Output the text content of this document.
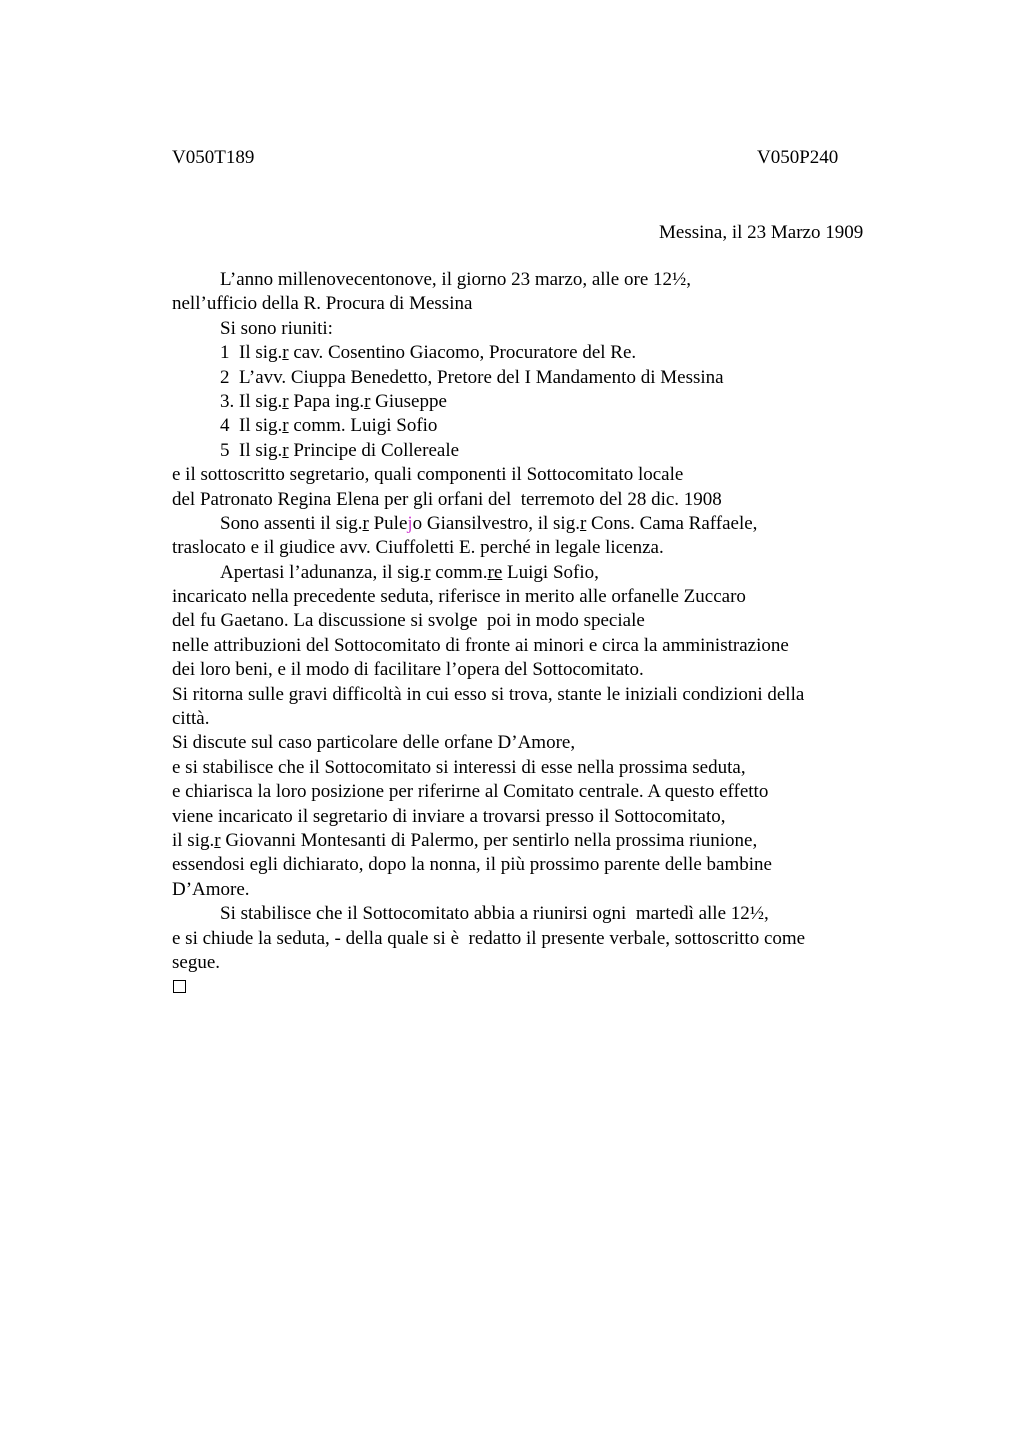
V050T189	V050P240
Messina, il 23 Marzo 1909
L’anno millenovecentonove, il giorno 23 marzo, alle ore 12½,
nell’ufficio della R. Procura di Messina
Si sono riuniti:
1  Il sig.r cav. Cosentino Giacomo, Procuratore del Re.
2  L’avv. Ciuppa Benedetto, Pretore del I Mandamento di Messina
3. Il sig.r Papa ing.r Giuseppe
4  Il sig.r comm. Luigi Sofio
5  Il sig.r Principe di Collereale
e il sottoscritto segretario, quali componenti il Sottocomitato locale
del Patronato Regina Elena per gli orfani del  terremoto del 28 dic. 1908
Sono assenti il sig.r Pulejo Giansilvestro, il sig.r Cons. Cama Raffaele,
traslocato e il giudice avv. Ciuffoletti E. perché in legale licenza.
Apertasi l’adunanza, il sig.r comm.re Luigi Sofio,
incaricato nella precedente seduta, riferisce in merito alle orfanelle Zuccaro
del fu Gaetano. La discussione si svolge  poi in modo speciale
nelle attribuzioni del Sottocomitato di fronte ai minori e circa la amministrazione
dei loro beni, e il modo di facilitare l’opera del Sottocomitato.
Si ritorna sulle gravi difficoltà in cui esso si trova, stante le iniziali condizioni della
città.
Si discute sul caso particolare delle orfane D’Amore,
e si stabilisce che il Sottocomitato si interessi di esse nella prossima seduta,
e chiarisca la loro posizione per riferirne al Comitato centrale. A questo effetto
viene incaricato il segretario di inviare a trovarsi presso il Sottocomitato,
il sig.r Giovanni Montesanti di Palermo, per sentirlo nella prossima riunione,
essendosi egli dichiarato, dopo la nonna, il più prossimo parente delle bambine
D’Amore.
Si stabilisce che il Sottocomitato abbia a riunirsi ogni  martedì alle 12½,
e si chiude la seduta, - della quale si è  redatto il presente verbale, sottoscritto come
segue.
